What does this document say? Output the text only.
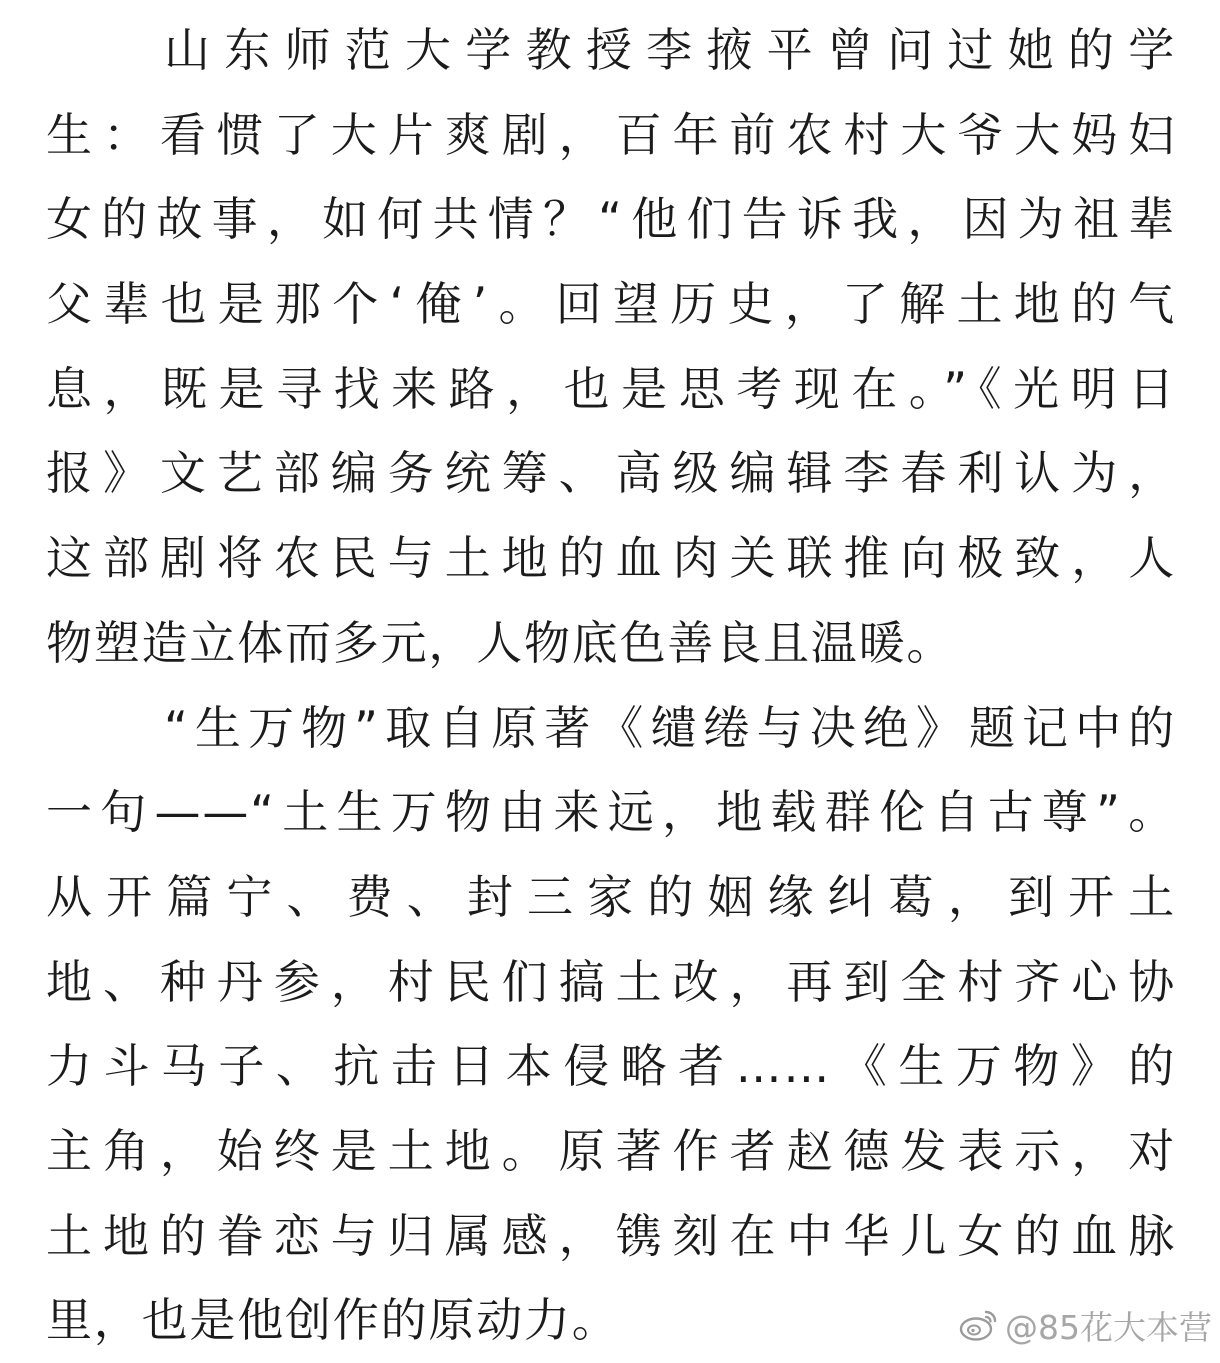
山东师范大学教授李掖平曾问过她的学
生：看惯了大片爽剧，百年前农村大爷大妈妇
女的故事，如何共情？“他们告诉我，因为祖辈
父辈也是那个‘俺’。回望历史，了解土地的气
息，既是寻找来路，也是思考现在。”《光明日
报》文艺部编务统筹、高级编辑李春利认为，
这部剧将农民与土地的血肉关联推向极致，人
物塑造立体而多元，人物底色善良且温暖。
“生万物”取自原著《缱绻与决绝》题记中的
一句——“土生万物由来远，地载群伦自古尊”。
从开篇宁、费、封三家的姻缘纠葛，到开土
地、种丹参，村民们搞土改，再到全村齐心协
力斗马子、抗击日本侵略者……《生万物》的
主角，始终是土地。原著作者赵德发表示，对
土地的眷恋与归属感，镌刻在中华儿女的血脉
里，也是他创作的原动力。	@85花大本营
